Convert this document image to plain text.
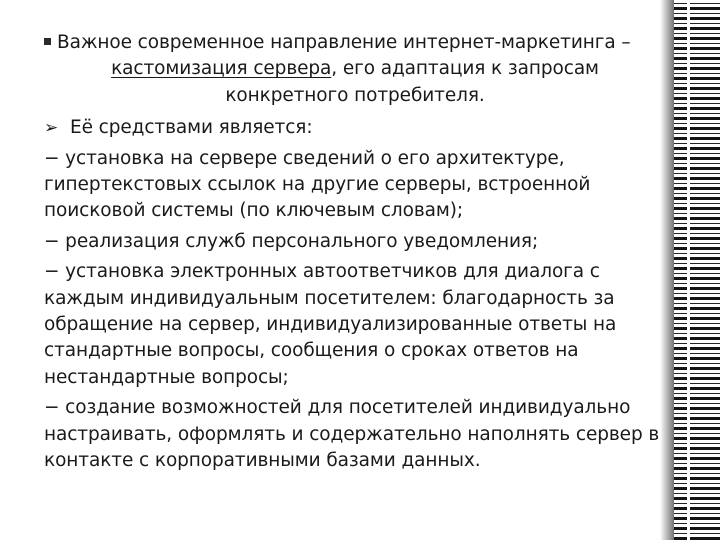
Важное современное направление интернет-маркетинга –
кастомизация сервера, его адаптация к запросам
конкретного потребителя.

➢ Её средствами является:

− установка на сервере сведений о его архитектуре, гипертекстовых ссылок на другие серверы, встроенной поисковой системы (по ключевым словам);

− реализация служб персонального уведомления;

− установка электронных автоответчиков для диалога с каждым индивидуальным посетителем: благодарность за обращение на сервер, индивидуализированные ответы на стандартные вопросы, сообщения о сроках ответов на нестандартные вопросы;

− создание возможностей для посетителей индивидуально настраивать, оформлять и содержательно наполнять сервер в контакте с корпоративными базами данных.
